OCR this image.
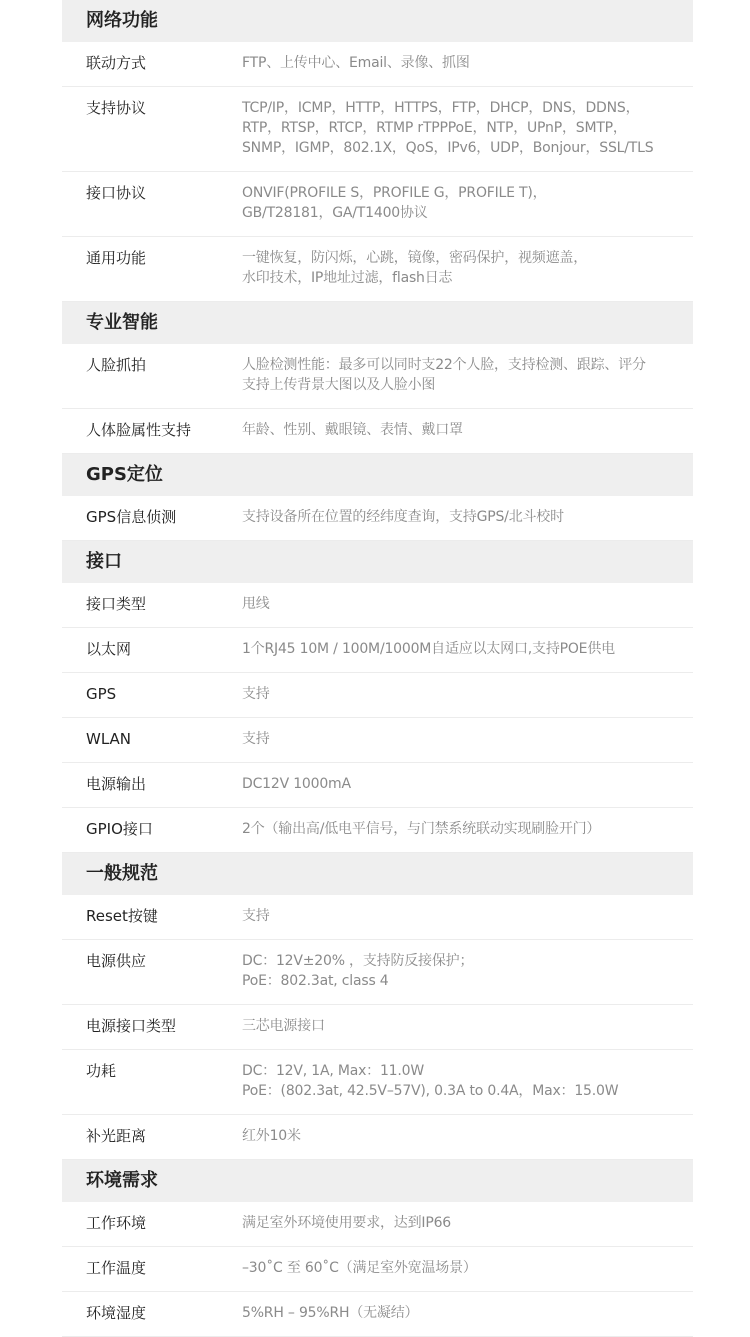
网络功能
联动方式	FTP、上传中心、Email、录像、抓图
支持协议	TCP/IP，ICMP，HTTP，HTTPS，FTP，DHCP，DNS，DDNS，
RTP，RTSP，RTCP，RTMP rTPPPoE，NTP，UPnP，SMTP，
SNMP，IGMP，802.1X，QoS，IPv6，UDP，Bonjour，SSL/TLS
接口协议	ONVIF(PROFILE S，PROFILE G，PROFILE T)，
GB/T28181，GA/T1400协议
通用功能	一键恢复，防闪烁，心跳，镜像，密码保护，视频遮盖，
水印技术，IP地址过滤，flash日志
专业智能
人脸抓拍	人脸检测性能：最多可以同时支22个人脸，支持检测、跟踪、评分
支持上传背景大图以及人脸小图
人体脸属性支持	年龄、性别、戴眼镜、表情、戴口罩
GPS定位
GPS信息侦测	支持设备所在位置的经纬度查询，支持GPS/北斗校时
接口
接口类型	甩线
以太网	1个RJ45 10M / 100M/1000M自适应以太网口,支持POE供电
GPS	支持
WLAN	支持
电源输出	DC12V 1000mA
GPIO接口	2个（输出高/低电平信号，与门禁系统联动实现刷脸开门）
一般规范
Reset按键	支持
电源供应	DC：12V±20% ，支持防反接保护；
PoE：802.3at, class 4
电源接口类型	三芯电源接口
功耗	DC：12V, 1A, Max：11.0W
PoE：(802.3at, 42.5V–57V), 0.3A to 0.4A，Max：15.0W
补光距离	红外10米
环境需求
工作环境	满足室外环境使用要求，达到IP66
工作温度	–30˚C 至 60˚C（满足室外宽温场景）
环境湿度	5%RH – 95%RH（无凝结）
